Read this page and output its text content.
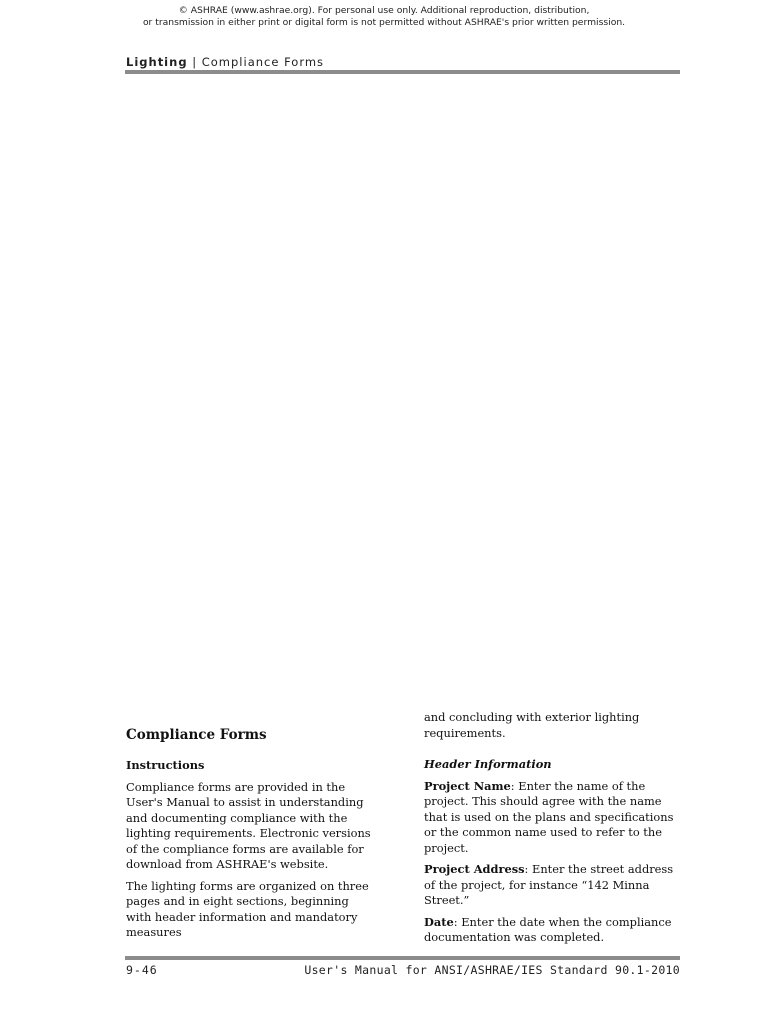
© ASHRAE (www.ashrae.org). For personal use only. Additional reproduction, distribution,
or transmission in either print or digital form is not permitted without ASHRAE's prior written permission.
Lighting | Compliance Forms
Compliance Forms
Instructions

Compliance forms are provided in the User's Manual to assist in understanding and documenting compliance with the lighting requirements. Electronic versions of the compliance forms are available for download from ASHRAE's website.

The lighting forms are organized on three pages and in eight sections, beginning with header information and mandatory measures

and concluding with exterior lighting requirements.

Header Information

Project Name: Enter the name of the project. This should agree with the name that is used on the plans and specifications or the common name used to refer to the project.

Project Address: Enter the street address of the project, for instance “142 Minna Street.”

Date: Enter the date when the compliance documentation was completed.

9-46	User's Manual for ANSI/ASHRAE/IES Standard 90.1-2010
